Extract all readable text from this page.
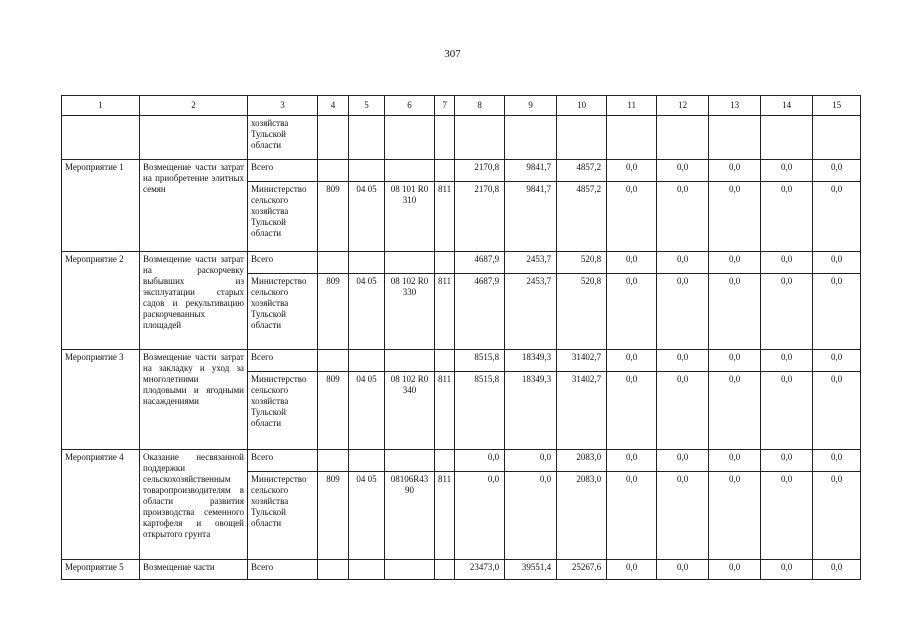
307
1	2	3	4	5	6	7	8	9	10	11	12	13	14	15
		хозяйства Тульской области												
Мероприятие 1	Возмещение части затрат на приобретение элитных семян	Всего					2170,8	9841,7	4857,2	0,0	0,0	0,0	0,0	0,0
		Министерство сельского хозяйства Тульской области	809	04 05	08 101 R0 310	811	2170,8	9841,7	4857,2	0,0	0,0	0,0	0,0	0,0
Мероприятие 2	Возмещение части затрат на раскорчевку выбывших из эксплуатации старых садов и рекультивацию раскорчеванных площадей	Всего					4687,9	2453,7	520,8	0,0	0,0	0,0	0,0	0,0
		Министерство сельского хозяйства Тульской области	809	04 05	08 102 R0 330	811	4687,9	2453,7	520,8	0,0	0,0	0,0	0,0	0,0
Мероприятие 3	Возмещение части затрат на закладку и уход за многолетними плодовыми и ягодными насаждениями	Всего					8515,8	18349,3	31402,7	0,0	0,0	0,0	0,0	0,0
		Министерство сельского хозяйства Тульской области	809	04 05	08 102 R0 340	811	8515,8	18349,3	31402,7	0,0	0,0	0,0	0,0	0,0
Мероприятие 4	Оказание несвязанной поддержки сельскохозяйственным товаропроизводителям в области развития производства семенного картофеля и овощей открытого грунта	Всего					0,0	0,0	2083,0	0,0	0,0	0,0	0,0	0,0
		Министерство сельского хозяйства Тульской области	809	04 05	08106R43 90	811	0,0	0,0	2083,0	0,0	0,0	0,0	0,0	0,0
Мероприятие 5	Возмещение части	Всего					23473,0	39551,4	25267,6	0,0	0,0	0,0	0,0	0,0
